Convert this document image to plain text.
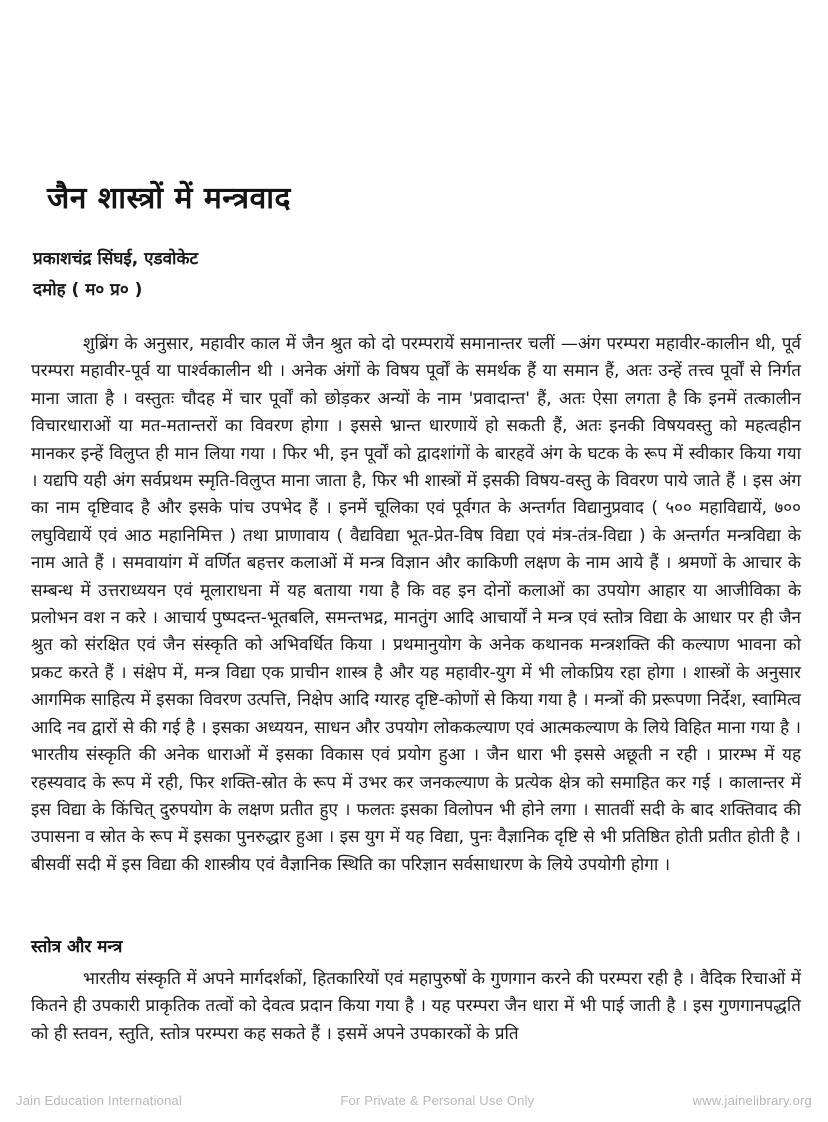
जैन शास्त्रों में मन्त्रवाद
प्रकाशचंद्र सिंघई, एडवोकेट
दमोह ( म० प्र० )

शुब्रिंग के अनुसार, महावीर काल में जैन श्रुत को दो परम्परायें समानान्तर चलीं —अंग परम्परा महावीर-कालीन थी, पूर्व परम्परा महावीर-पूर्व या पार्श्वकालीन थी । अनेक अंगों के विषय पूर्वों के समर्थक हैं या समान हैं, अतः उन्हें तत्त्व पूर्वों से निर्गत माना जाता है । वस्तुतः चौदह में चार पूर्वों को छोड़कर अन्यों के नाम 'प्रवादान्त' हैं, अतः ऐसा लगता है कि इनमें तत्कालीन विचारधाराओं या मत-मतान्तरों का विवरण होगा । इससे भ्रान्त धारणायें हो सकती हैं, अतः इनकी विषयवस्तु को महत्वहीन मानकर इन्हें विलुप्त ही मान लिया गया । फिर भी, इन पूर्वों को द्वादशांगों के बारहवें अंग के घटक के रूप में स्वीकार किया गया । यद्यपि यही अंग सर्वप्रथम स्मृति-विलुप्त माना जाता है, फिर भी शास्त्रों में इसकी विषय-वस्तु के विवरण पाये जाते हैं । इस अंग का नाम दृष्टिवाद है और इसके पांच उपभेद हैं । इनमें चूलिका एवं पूर्वगत के अन्तर्गत विद्यानुप्रवाद ( ५०० महाविद्यायें, ७०० लघुविद्यायें एवं आठ महानिमित्त ) तथा प्राणावाय ( वैद्यविद्या भूत-प्रेत-विष विद्या एवं मंत्र-तंत्र-विद्या ) के अन्तर्गत मन्त्रविद्या के नाम आते हैं । समवायांग में वर्णित बहत्तर कलाओं में मन्त्र विज्ञान और काकिणी लक्षण के नाम आये हैं । श्रमणों के आचार के सम्बन्ध में उत्तराध्ययन एवं मूलाराधना में यह बताया गया है कि वह इन दोनों कलाओं का उपयोग आहार या आजीविका के प्रलोभन वश न करे । आचार्य पुष्पदन्त-भूतबलि, समन्तभद्र, मानतुंग आदि आचार्यों ने मन्त्र एवं स्तोत्र विद्या के आधार पर ही जैन श्रुत को संरक्षित एवं जैन संस्कृति को अभिवर्धित किया । प्रथमानुयोग के अनेक कथानक मन्त्रशक्ति की कल्याण भावना को प्रकट करते हैं । संक्षेप में, मन्त्र विद्या एक प्राचीन शास्त्र है और यह महावीर-युग में भी लोकप्रिय रहा होगा । शास्त्रों के अनुसार आगमिक साहित्य में इसका विवरण उत्पत्ति, निक्षेप आदि ग्यारह दृष्टि-कोणों से किया गया है । मन्त्रों की प्ररूपणा निर्देश, स्वामित्व आदि नव द्वारों से की गई है । इसका अध्ययन, साधन और उपयोग लोककल्याण एवं आत्मकल्याण के लिये विहित माना गया है । भारतीय संस्कृति की अनेक धाराओं में इसका विकास एवं प्रयोग हुआ । जैन धारा भी इससे अछूती न रही । प्रारम्भ में यह रहस्यवाद के रूप में रही, फिर शक्ति-स्रोत के रूप में उभर कर जनकल्याण के प्रत्येक क्षेत्र को समाहित कर गई । कालान्तर में इस विद्या के किंचित् दुरुपयोग के लक्षण प्रतीत हुए । फलतः इसका विलोपन भी होने लगा । सातवीं सदी के बाद शक्तिवाद की उपासना व स्रोत के रूप में इसका पुनरुद्धार हुआ । इस युग में यह विद्या, पुनः वैज्ञानिक दृष्टि से भी प्रतिष्ठित होती प्रतीत होती है । बीसवीं सदी में इस विद्या की शास्त्रीय एवं वैज्ञानिक स्थिति का परिज्ञान सर्वसाधारण के लिये उपयोगी होगा ।

स्तोत्र और मन्त्र

भारतीय संस्कृति में अपने मार्गदर्शकों, हितकारियों एवं महापुरुषों के गुणगान करने की परम्परा रही है । वैदिक रिचाओं में कितने ही उपकारी प्राकृतिक तत्वों को देवत्व प्रदान किया गया है । यह परम्परा जैन धारा में भी पाई जाती है । इस गुणगानपद्धति को ही स्तवन, स्तुति, स्तोत्र परम्परा कह सकते हैं । इसमें अपने उपकारकों के प्रति

Jain Education International	For Private & Personal Use Only	www.jainelibrary.org
